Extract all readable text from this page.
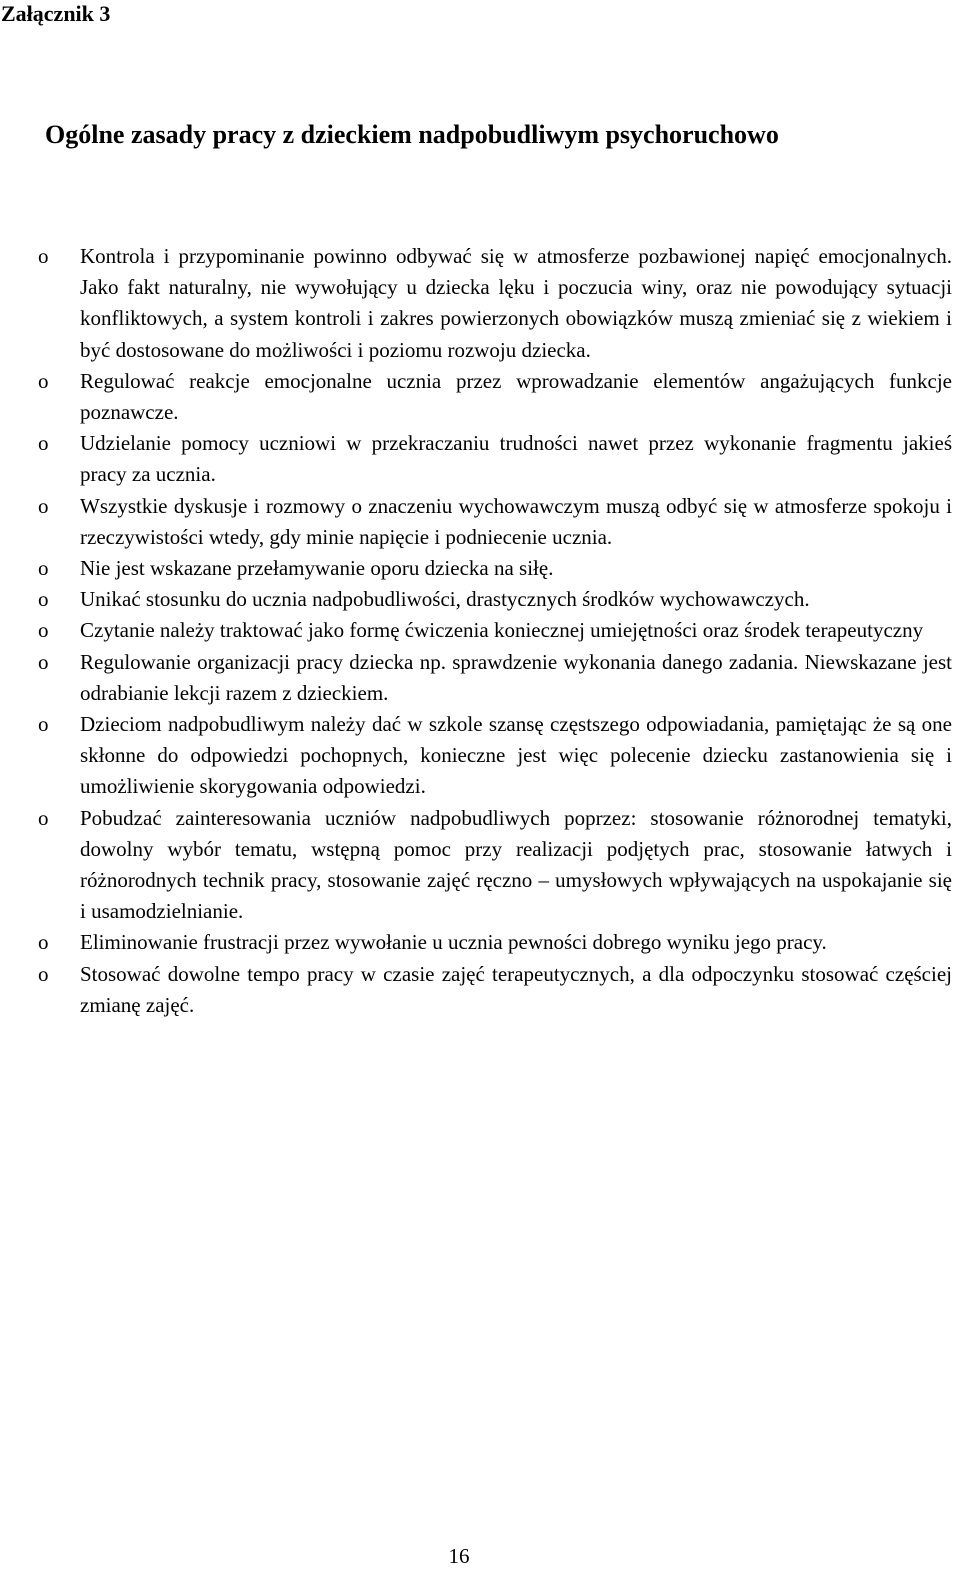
Załącznik 3
Ogólne zasady pracy z dzieckiem nadpobudliwym psychoruchowo
o	Kontrola i przypominanie powinno odbywać się w atmosferze pozbawionej napięć emocjonalnych. Jako fakt naturalny, nie wywołujący u dziecka lęku i poczucia winy, oraz nie powodujący sytuacji konfliktowych, a system kontroli i zakres powierzonych obowiązków muszą zmieniać się z wiekiem i być dostosowane do możliwości i poziomu rozwoju dziecka.
o	Regulować reakcje emocjonalne ucznia przez wprowadzanie elementów angażujących funkcje poznawcze.
o	Udzielanie pomocy uczniowi w przekraczaniu trudności nawet przez wykonanie fragmentu jakieś pracy za ucznia.
o	Wszystkie dyskusje i rozmowy o znaczeniu wychowawczym muszą odbyć się w atmosferze spokoju i rzeczywistości wtedy, gdy minie napięcie i podniecenie ucznia.
o	Nie jest wskazane przełamywanie oporu dziecka na siłę.
o	Unikać stosunku do ucznia nadpobudliwości, drastycznych środków wychowawczych.
o	Czytanie należy traktować jako formę ćwiczenia koniecznej umiejętności oraz środek terapeutyczny
o	Regulowanie organizacji pracy dziecka np. sprawdzenie wykonania danego zadania. Niewskazane jest odrabianie lekcji razem z dzieckiem.
o	Dzieciom nadpobudliwym należy dać w szkole szansę częstszego odpowiadania, pamiętając że są one skłonne do odpowiedzi pochopnych, konieczne jest więc polecenie dziecku zastanowienia się i umożliwienie skorygowania odpowiedzi.
o	Pobudzać zainteresowania uczniów nadpobudliwych poprzez: stosowanie różnorodnej tematyki, dowolny wybór tematu, wstępną pomoc przy realizacji podjętych prac, stosowanie łatwych i różnorodnych technik pracy, stosowanie zajęć ręczno – umysłowych wpływających na uspokajanie się i usamodzielnianie.
o	Eliminowanie frustracji przez wywołanie u ucznia pewności dobrego wyniku jego pracy.
o	Stosować dowolne tempo pracy w czasie zajęć terapeutycznych, a dla odpoczynku stosować częściej zmianę zajęć.
16
